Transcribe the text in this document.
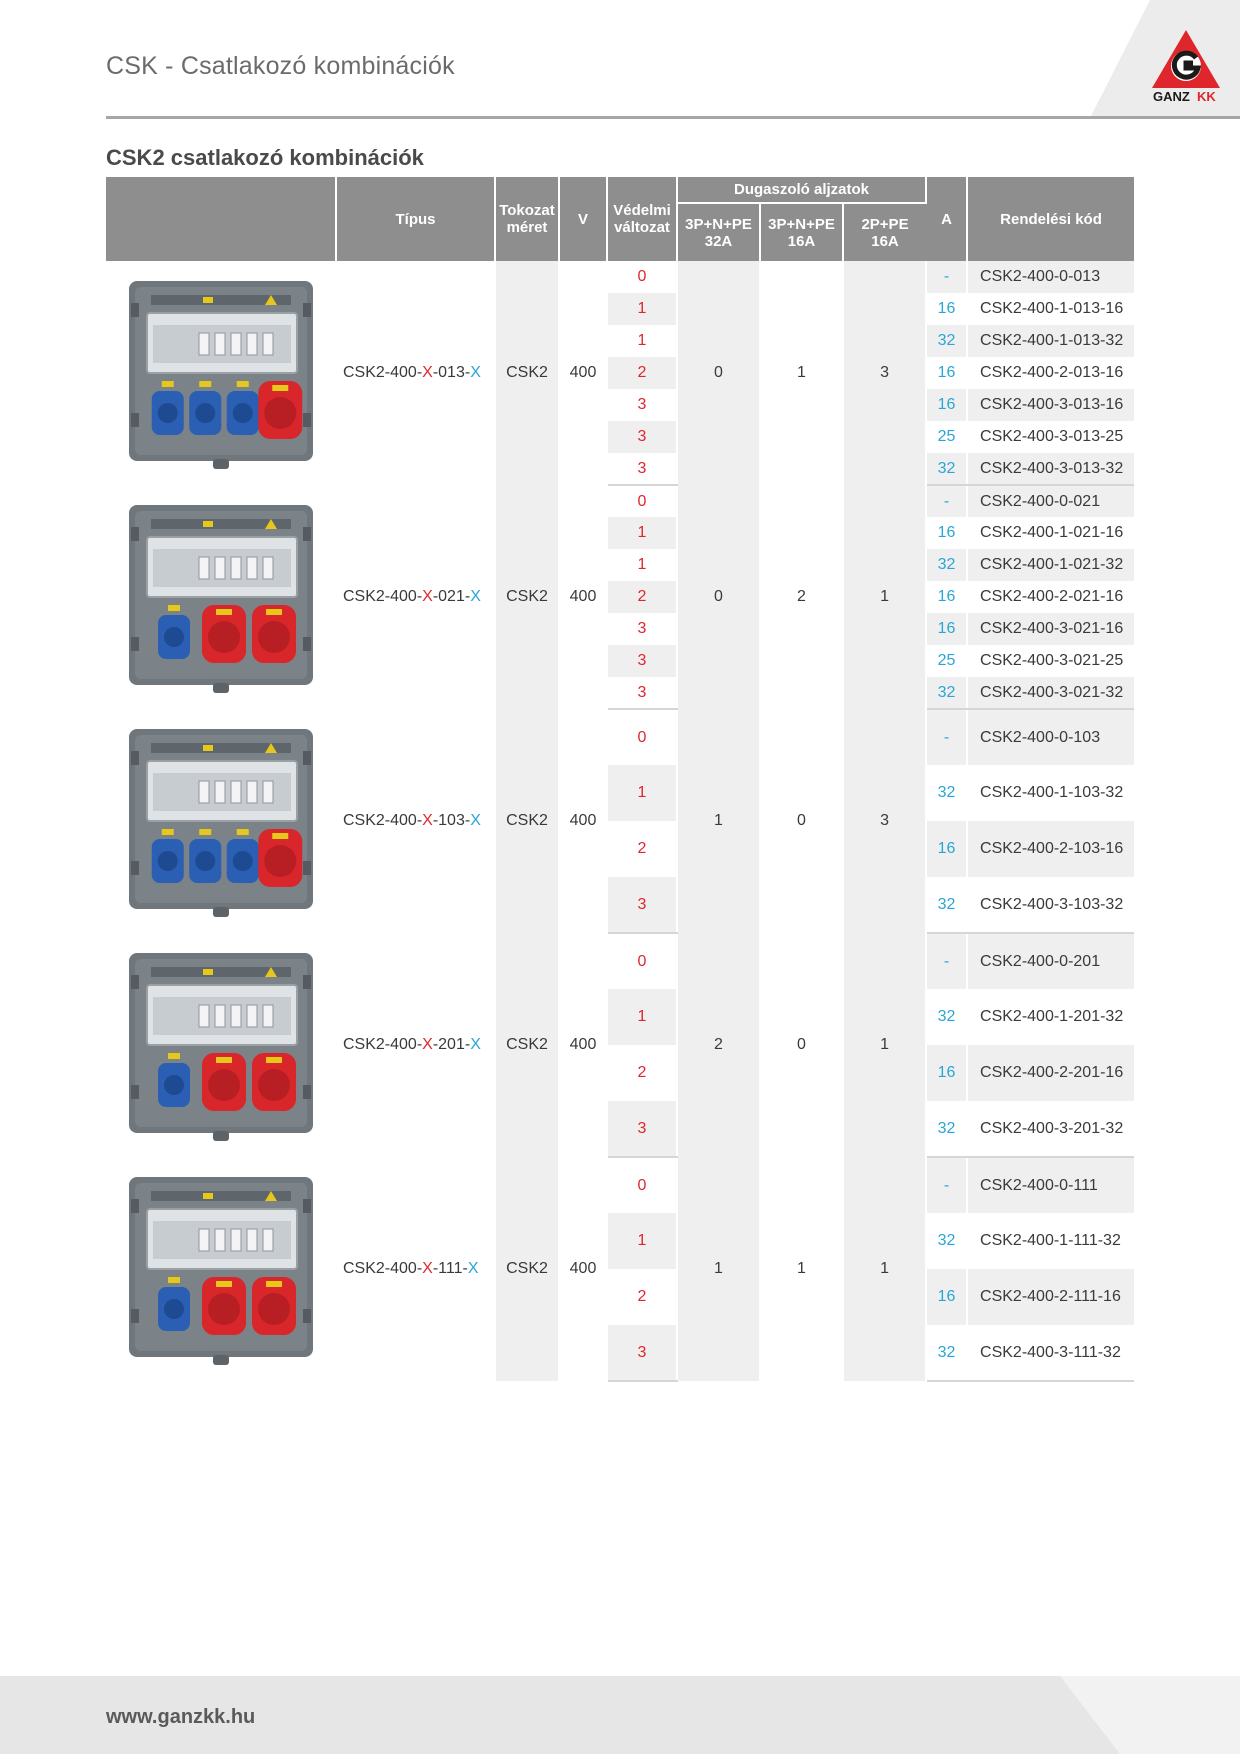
CSK - Csatlakozó kombinációk
GANZ KK
CSK2 csatlakozó kombinációk
	Típus	Tokozat méret	V	Védelmi változat	Dugaszoló aljzatok			A	Rendelési kód
					3P+N+PE 32A	3P+N+PE 16A	2P+PE 16A		

	CSK2-400-X-013-X	CSK2	400	0	0	1	3	-	CSK2-400-0-013
				1				16	CSK2-400-1-013-16
				1				32	CSK2-400-1-013-32
				2				16	CSK2-400-2-013-16
				3				16	CSK2-400-3-013-16
				3				25	CSK2-400-3-013-25
				3				32	CSK2-400-3-013-32

	CSK2-400-X-021-X	CSK2	400	0	0	2	1	-	CSK2-400-0-021
				1				16	CSK2-400-1-021-16
				1				32	CSK2-400-1-021-32
				2				16	CSK2-400-2-021-16
				3				16	CSK2-400-3-021-16
				3				25	CSK2-400-3-021-25
				3				32	CSK2-400-3-021-32

	CSK2-400-X-103-X	CSK2	400	0	1	0	3	-	CSK2-400-0-103
				1				32	CSK2-400-1-103-32
				2				16	CSK2-400-2-103-16
				3				32	CSK2-400-3-103-32

	CSK2-400-X-201-X	CSK2	400	0	2	0	1	-	CSK2-400-0-201
				1				32	CSK2-400-1-201-32
				2				16	CSK2-400-2-201-16
				3				32	CSK2-400-3-201-32

	CSK2-400-X-111-X	CSK2	400	0	1	1	1	-	CSK2-400-0-111
				1				32	CSK2-400-1-111-32
				2				16	CSK2-400-2-111-16
				3				32	CSK2-400-3-111-32
www.ganzkk.hu
